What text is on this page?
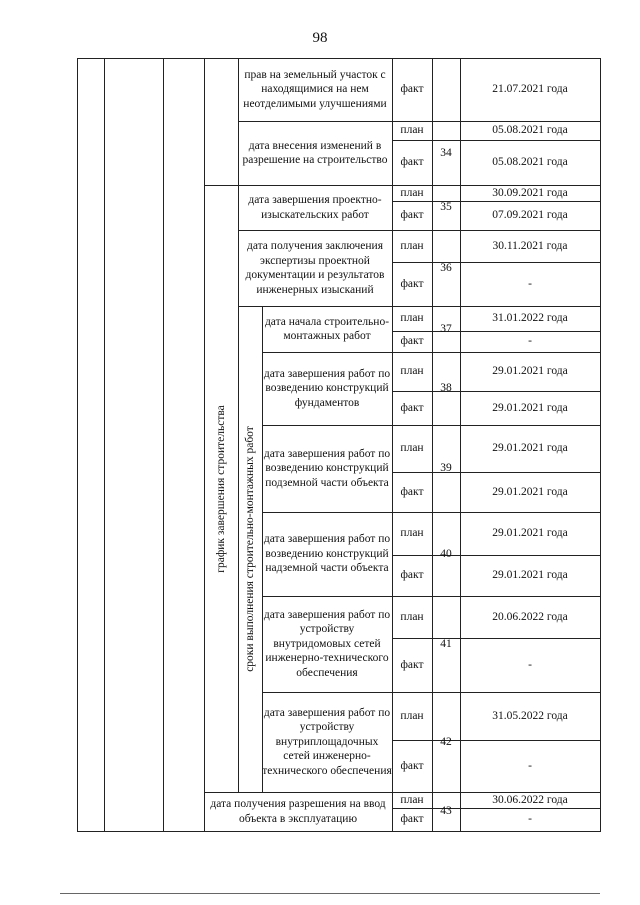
98
график завершения строительства сроки выполнения строительно-монтажных работ
прав на земельный участок с находящимися на нем неотделимыми улучшениями
факт	21.07.2021 года
дата внесения изменений в разрешение на строительство
план
факт
34
05.08.2021 года
05.08.2021 года
дата завершения проектно-изыскательских работ
план
факт
35
30.09.2021 года
07.09.2021 года
дата получения заключения экспертизы проектной документации и результатов инженерных изысканий
план
факт
36
30.11.2021 года
-
дата начала строительно-монтажных работ
план
факт
37
31.01.2022 года
-
дата завершения работ по возведению конструкций фундаментов
план
факт
38
29.01.2021 года
29.01.2021 года
дата завершения работ по возведению конструкций подземной части объекта
план
факт
39
29.01.2021 года
29.01.2021 года
дата завершения работ по возведению конструкций надземной части объекта
план
факт
40
29.01.2021 года
29.01.2021 года
дата завершения работ по устройству внутридомовых сетей инженерно-технического обеспечения
план
факт
41
20.06.2022 года
-
дата завершения работ по устройству внутриплощадочных сетей инженерно-технического обеспечения
план
факт
42
31.05.2022 года
-
дата получения разрешения на ввод объекта в эксплуатацию
план
факт
43
30.06.2022 года
-
